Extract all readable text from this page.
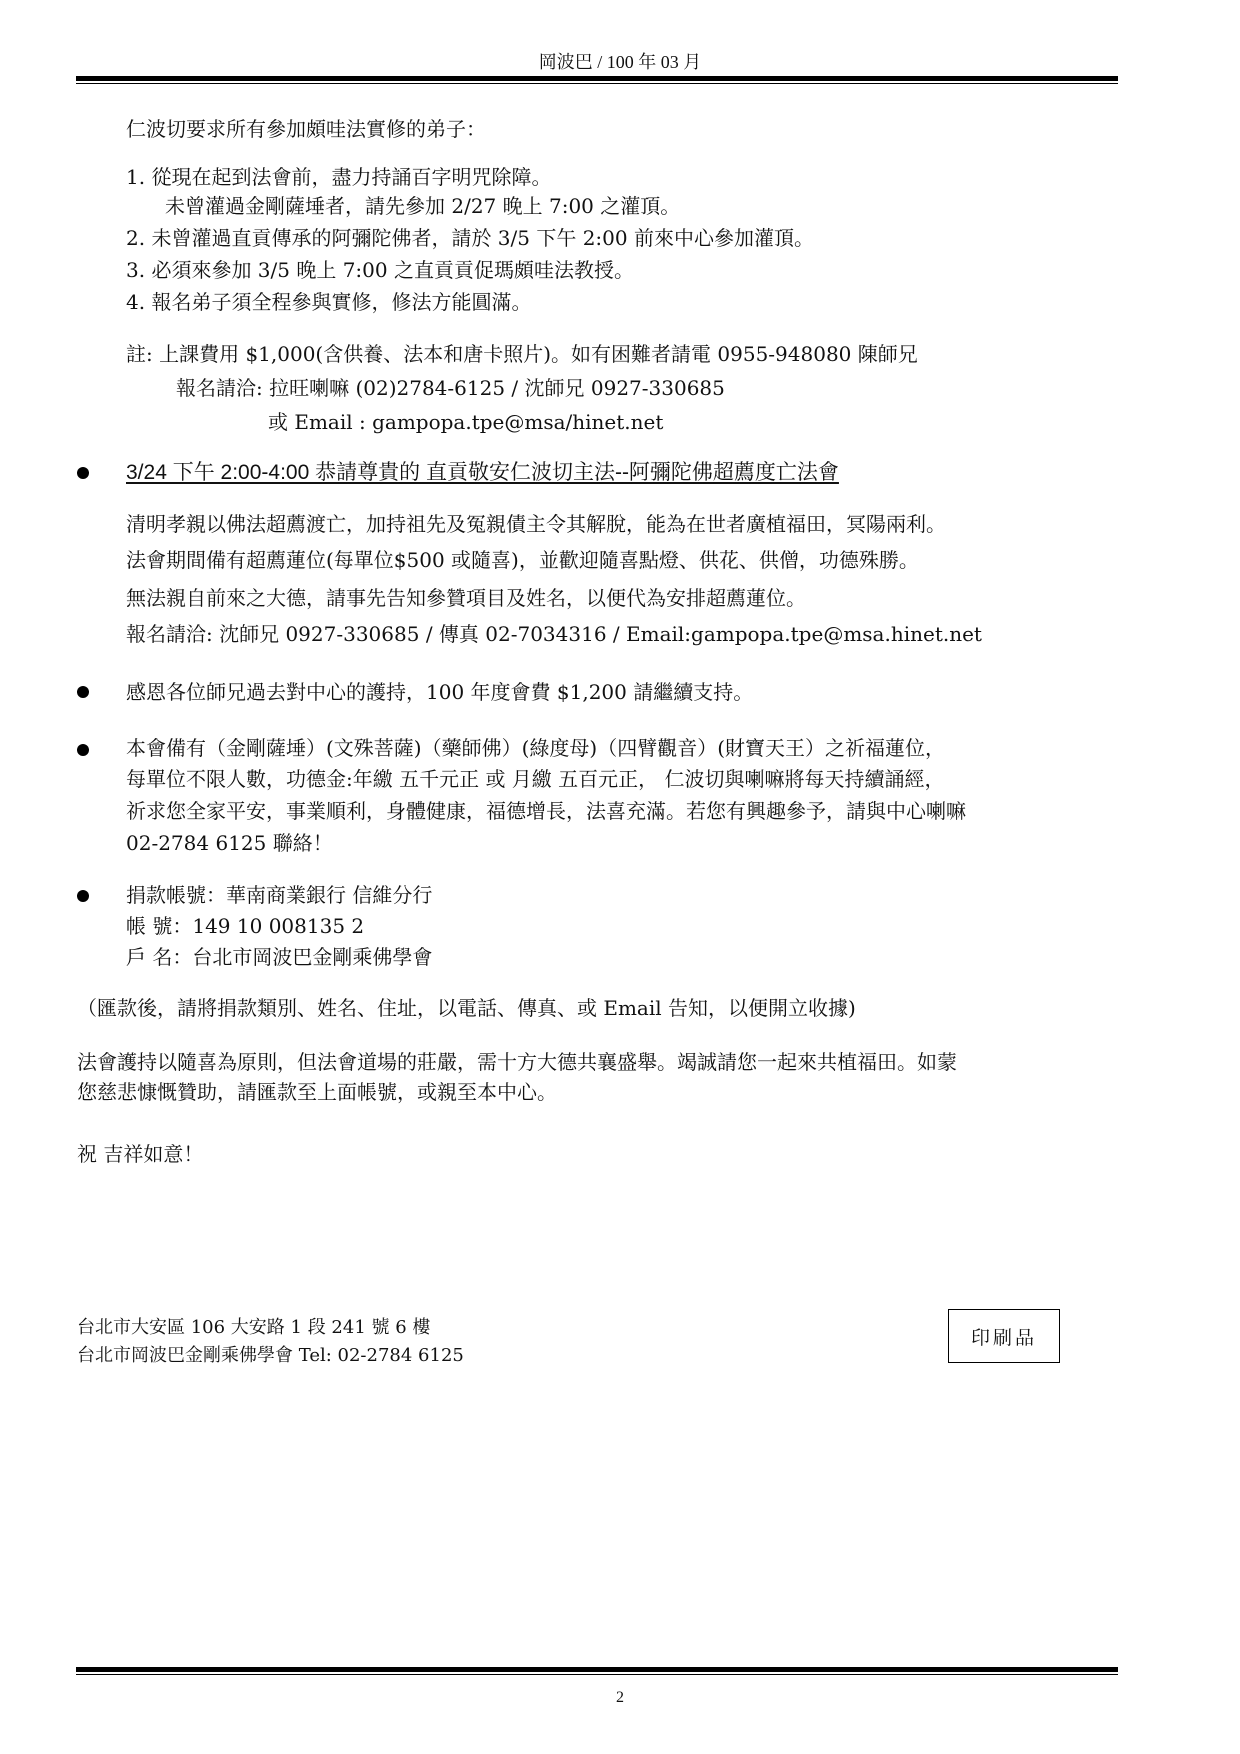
岡波巴 / 100 年 03 月
仁波切要求所有參加頗哇法實修的弟子：
1. 從現在起到法會前，盡力持誦百字明咒除障。
未曾灌過金剛薩埵者，請先參加 2/27 晚上 7:00 之灌頂。
2. 未曾灌過直貢傳承的阿彌陀佛者，請於 3/5 下午 2:00 前來中心參加灌頂。
3. 必須來參加 3/5 晚上 7:00 之直貢貢促瑪頗哇法教授。
4. 報名弟子須全程參與實修，修法方能圓滿。
註: 上課費用 $1,000(含供養、法本和唐卡照片)。如有困難者請電 0955-948080 陳師兄
報名請洽: 拉旺喇嘛 (02)2784-6125 / 沈師兄 0927-330685
或 Email : gampopa.tpe@msa/hinet.net
3/24 下午 2:00-4:00 恭請尊貴的 直貢敬安仁波切主法--阿彌陀佛超薦度亡法會
清明孝親以佛法超薦渡亡，加持祖先及冤親債主令其解脫，能為在世者廣植福田，冥陽兩利。
法會期間備有超薦蓮位(每單位$500 或隨喜)，並歡迎隨喜點燈、供花、供僧，功德殊勝。
無法親自前來之大德，請事先告知參贊項目及姓名，以便代為安排超薦蓮位。
報名請洽: 沈師兄 0927-330685 / 傳真 02-7034316 / Email:gampopa.tpe@msa.hinet.net
感恩各位師兄過去對中心的護持，100 年度會費 $1,200 請繼續支持。
本會備有（金剛薩埵）(文殊菩薩)（藥師佛）(綠度母)（四臂觀音）(財寶天王）之祈福蓮位，
每單位不限人數，功德金:年繳 五千元正 或 月繳 五百元正， 仁波切與喇嘛將每天持續誦經，
祈求您全家平安，事業順利，身體健康，福德增長，法喜充滿。若您有興趣參予，請與中心喇嘛
02-2784 6125 聯絡！
捐款帳號：華南商業銀行 信維分行
帳 號：149 10 008135 2
戶 名：台北市岡波巴金剛乘佛學會
（匯款後，請將捐款類別、姓名、住址，以電話、傳真、或 Email 告知，以便開立收據)
法會護持以隨喜為原則，但法會道場的莊嚴，需十方大德共襄盛舉。竭誠請您一起來共植福田。如蒙
您慈悲慷慨贊助，請匯款至上面帳號，或親至本中心。
祝 吉祥如意！
台北市大安區 106 大安路 1 段 241 號 6 樓
台北市岡波巴金剛乘佛學會 Tel: 02-2784 6125
印刷品
2
